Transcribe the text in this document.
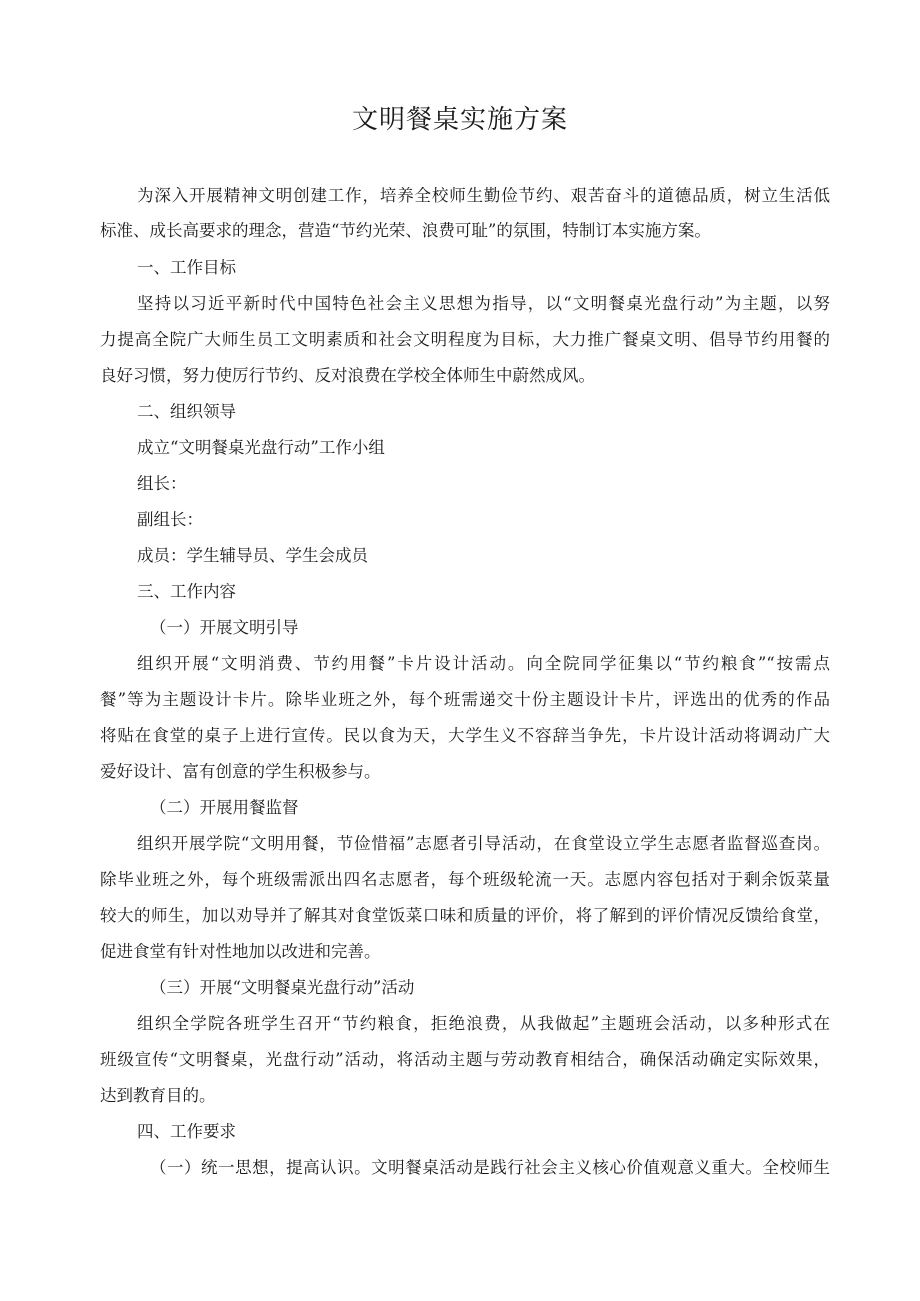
文明餐桌实施方案

为深入开展精神文明创建工作，培养全校师生勤俭节约、艰苦奋斗的道德品质，树立生活低

标准、成长高要求的理念，营造“节约光荣、浪费可耻”的氛围，特制订本实施方案。

一、工作目标

坚持以习近平新时代中国特色社会主义思想为指导，以“文明餐桌光盘行动”为主题，以努

力提高全院广大师生员工文明素质和社会文明程度为目标，大力推广餐桌文明、倡导节约用餐的

良好习惯，努力使厉行节约、反对浪费在学校全体师生中蔚然成风。

二、组织领导

成立“文明餐桌光盘行动”工作小组

组长：

副组长：

成员：学生辅导员、学生会成员

三、工作内容

（一）开展文明引导

组织开展“文明消费、节约用餐”卡片设计活动。向全院同学征集以“节约粮食”“按需点

餐”等为主题设计卡片。除毕业班之外，每个班需递交十份主题设计卡片，评选出的优秀的作品

将贴在食堂的桌子上进行宣传。民以食为天，大学生义不容辞当争先，卡片设计活动将调动广大

爱好设计、富有创意的学生积极参与。

（二）开展用餐监督

组织开展学院“文明用餐，节俭惜福”志愿者引导活动，在食堂设立学生志愿者监督巡查岗。

除毕业班之外，每个班级需派出四名志愿者，每个班级轮流一天。志愿内容包括对于剩余饭菜量

较大的师生，加以劝导并了解其对食堂饭菜口味和质量的评价，将了解到的评价情况反馈给食堂，

促进食堂有针对性地加以改进和完善。

（三）开展“文明餐桌光盘行动”活动

组织全学院各班学生召开“节约粮食，拒绝浪费，从我做起”主题班会活动，以多种形式在

班级宣传“文明餐桌，光盘行动”活动，将活动主题与劳动教育相结合，确保活动确定实际效果，

达到教育目的。

四、工作要求

（一）统一思想，提高认识。文明餐桌活动是践行社会主义核心价值观意义重大。全校师生
